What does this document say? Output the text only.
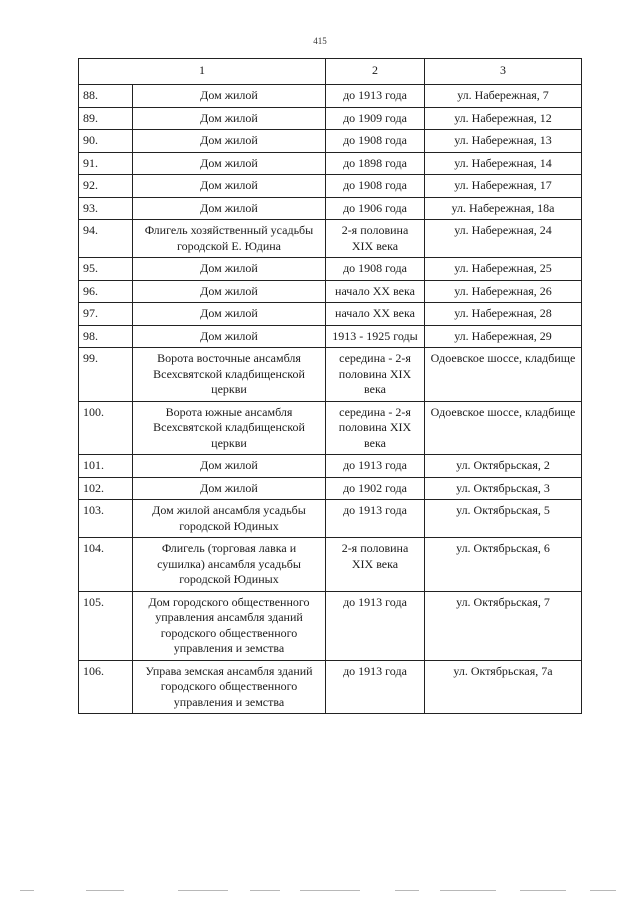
415
1		2	3
88.	Дом жилой	до 1913 года	ул. Набережная, 7
89.	Дом жилой	до 1909 года	ул. Набережная, 12
90.	Дом жилой	до 1908 года	ул. Набережная, 13
91.	Дом жилой	до 1898 года	ул. Набережная, 14
92.	Дом жилой	до 1908 года	ул. Набережная, 17
93.	Дом жилой	до 1906 года	ул. Набережная, 18а
94.	Флигель хозяйственный усадьбы городской Е. Юдина	2-я половина XIX века	ул. Набережная, 24
95.	Дом жилой	до 1908 года	ул. Набережная, 25
96.	Дом жилой	начало XX века	ул. Набережная, 26
97.	Дом жилой	начало XX века	ул. Набережная, 28
98.	Дом жилой	1913 - 1925 годы	ул. Набережная, 29
99.	Ворота восточные ансамбля Всехсвятской кладбищенской церкви	середина - 2-я половина XIX века	Одоевское шоссе, кладбище
100.	Ворота южные ансамбля Всехсвятской кладбищенской церкви	середина - 2-я половина XIX века	Одоевское шоссе, кладбище
101.	Дом жилой	до 1913 года	ул. Октябрьская, 2
102.	Дом жилой	до 1902 года	ул. Октябрьская, 3
103.	Дом жилой ансамбля усадьбы городской Юдиных	до 1913 года	ул. Октябрьская, 5
104.	Флигель (торговая лавка и сушилка) ансамбля усадьбы городской Юдиных	2-я половина XIX века	ул. Октябрьская, 6
105.	Дом городского общественного управления ансамбля зданий городского общественного управления и земства	до 1913 года	ул. Октябрьская, 7
106.	Управа земская ансамбля зданий городского общественного управления и земства	до 1913 года	ул. Октябрьская, 7а
